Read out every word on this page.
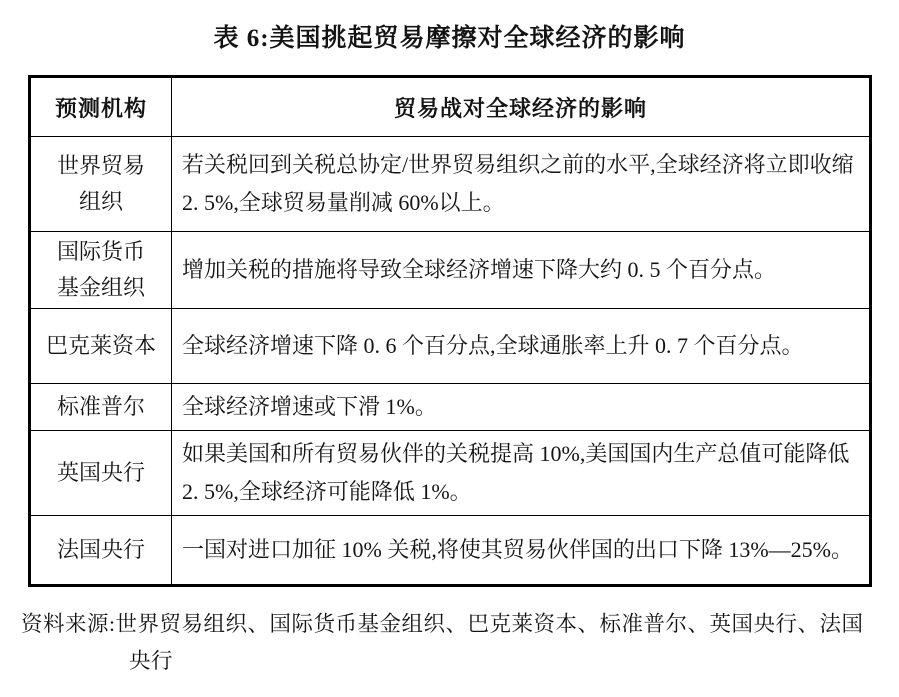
表 6:美国挑起贸易摩擦对全球经济的影响
预测机构	贸易战对全球经济的影响

世界贸易
组织	若关税回到关税总协定/世界贸易组织之前的水平,全球经济将立即收缩 2. 5%,全球贸易量削减 60%以上。

国际货币
基金组织	增加关税的措施将导致全球经济增速下降大约 0. 5 个百分点。

巴克莱资本	全球经济增速下降 0. 6 个百分点,全球通胀率上升 0. 7 个百分点。

标准普尔	全球经济增速或下滑 1%。

英国央行	如果美国和所有贸易伙伴的关税提高 10%,美国国内生产总值可能降低 2. 5%,全球经济可能降低 1%。

法国央行	一国对进口加征 10% 关税,将使其贸易伙伴国的出口下降 13%—25%。
资料来源:世界贸易组织、国际货币基金组织、巴克莱资本、标准普尔、英国央行、法国央行
